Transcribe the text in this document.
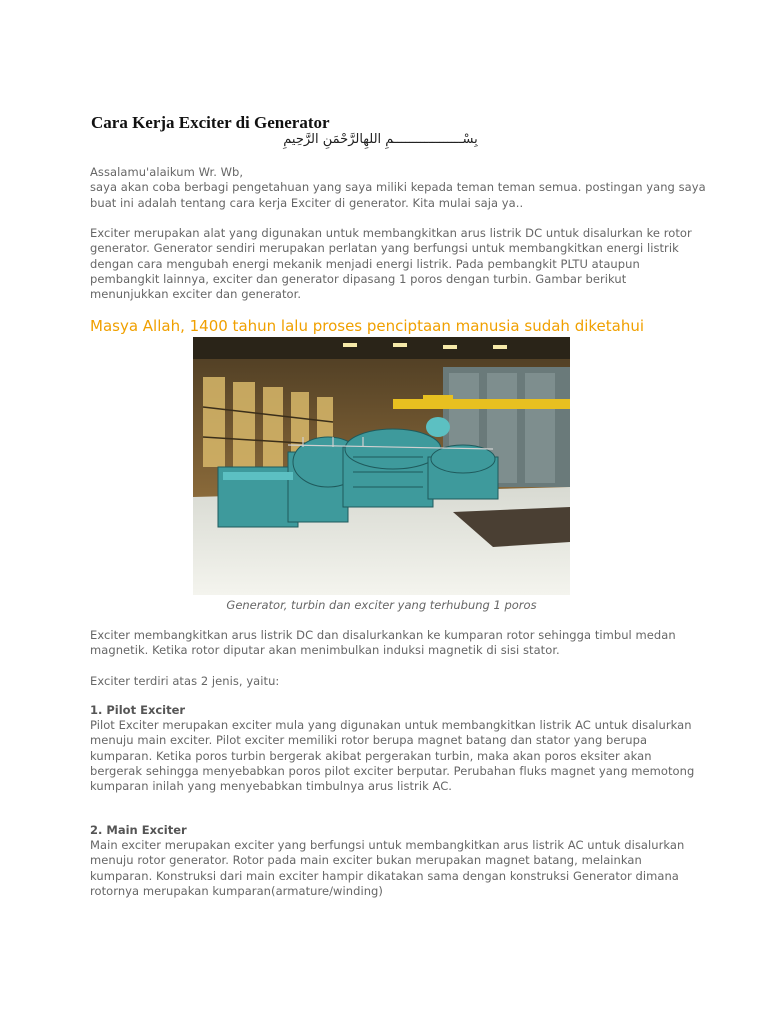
Cara Kerja Exciter di Generator
بِسْــــــــــــــــــمِ اللهِالرَّحْمَنِ الرَّحِيمِ
Assalamu'alaikum Wr. Wb,
saya akan coba berbagi pengetahuan yang saya miliki kepada teman teman semua. postingan yang saya
buat ini adalah tentang cara kerja Exciter di generator. Kita mulai saja ya..
Exciter merupakan alat yang digunakan untuk membangkitkan arus listrik DC untuk disalurkan ke rotor
generator. Generator sendiri merupakan perlatan yang berfungsi untuk membangkitkan energi listrik
dengan cara mengubah energi mekanik menjadi energi listrik. Pada pembangkit PLTU ataupun
pembangkit lainnya, exciter dan generator dipasang 1 poros dengan turbin. Gambar berikut
menunjukkan exciter dan generator.
Masya Allah, 1400 tahun lalu proses penciptaan manusia sudah diketahui
Generator, turbin dan exciter yang terhubung 1 poros
Exciter membangkitkan arus listrik DC dan disalurkankan ke kumparan rotor sehingga timbul medan
magnetik. Ketika rotor diputar akan menimbulkan induksi magnetik di sisi stator.
Exciter terdiri atas 2 jenis, yaitu:
1. Pilot Exciter
Pilot Exciter merupakan exciter mula yang digunakan untuk membangkitkan listrik AC untuk disalurkan
menuju main exciter. Pilot exciter memiliki rotor berupa magnet batang dan stator yang berupa
kumparan. Ketika poros turbin bergerak akibat pergerakan turbin, maka akan poros eksiter akan
bergerak sehingga menyebabkan poros pilot exciter berputar. Perubahan fluks magnet yang memotong
kumparan inilah yang menyebabkan timbulnya arus listrik AC.
2. Main Exciter
Main exciter merupakan exciter yang berfungsi untuk membangkitkan arus listrik AC untuk disalurkan
menuju rotor generator. Rotor pada main exciter bukan merupakan magnet batang, melainkan
kumparan. Konstruksi dari main exciter hampir dikatakan sama dengan konstruksi Generator dimana
rotornya merupakan kumparan(armature/winding)
